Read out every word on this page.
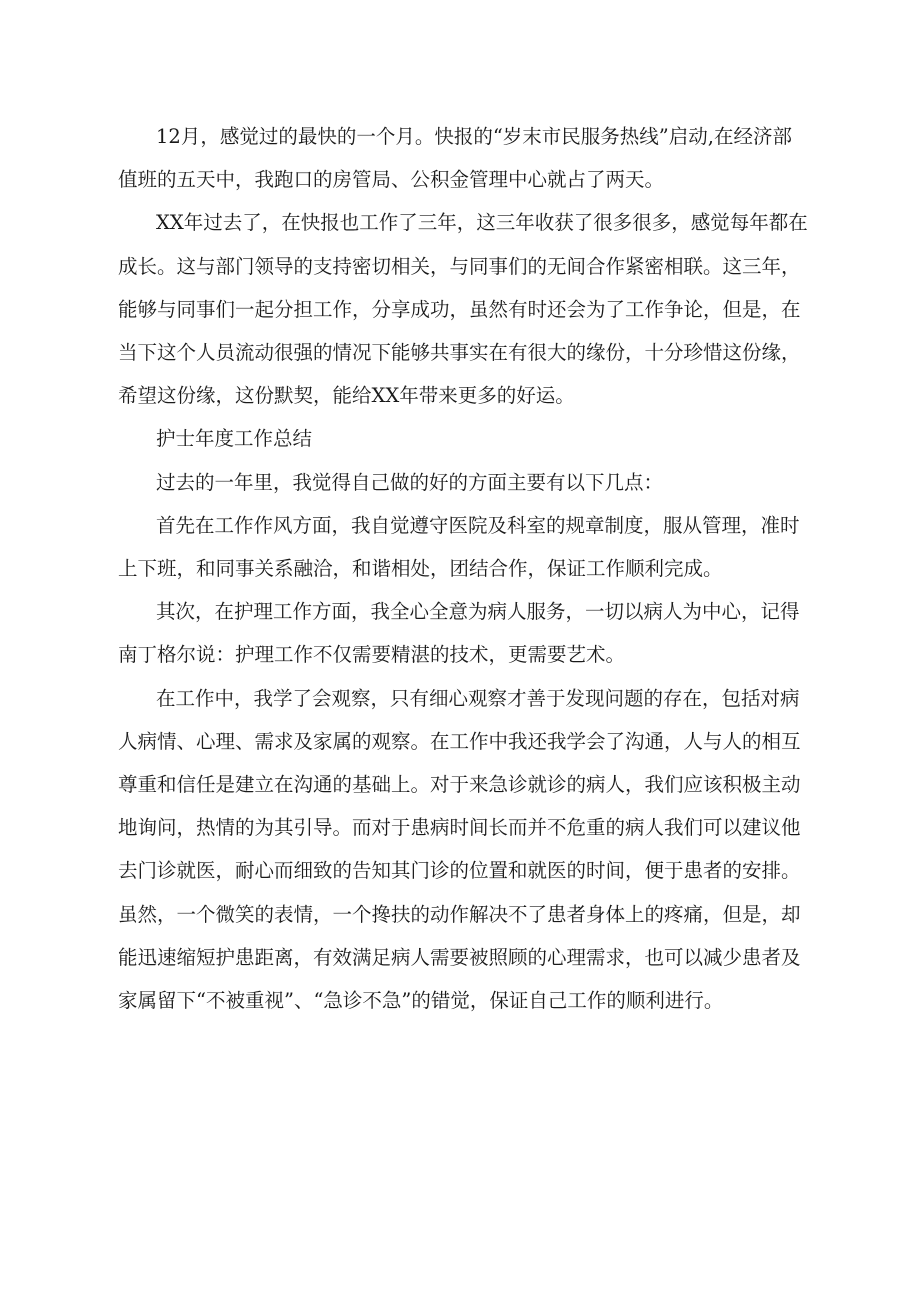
12月，感觉过的最快的一个月。快报的“岁末市民服务热线”启动,在经济部值班的五天中，我跑口的房管局、公积金管理中心就占了两天。

XX年过去了，在快报也工作了三年，这三年收获了很多很多，感觉每年都在成长。这与部门领导的支持密切相关，与同事们的无间合作紧密相联。这三年，能够与同事们一起分担工作，分享成功，虽然有时还会为了工作争论，但是，在当下这个人员流动很强的情况下能够共事实在有很大的缘份，十分珍惜这份缘，希望这份缘，这份默契，能给XX年带来更多的好运。

护士年度工作总结

过去的一年里，我觉得自己做的好的方面主要有以下几点：

首先在工作作风方面，我自觉遵守医院及科室的规章制度，服从管理，准时上下班，和同事关系融洽，和谐相处，团结合作，保证工作顺利完成。

其次，在护理工作方面，我全心全意为病人服务，一切以病人为中心，记得南丁格尔说：护理工作不仅需要精湛的技术，更需要艺术。

在工作中，我学了会观察，只有细心观察才善于发现问题的存在，包括对病人病情、心理、需求及家属的观察。在工作中我还我学会了沟通，人与人的相互尊重和信任是建立在沟通的基础上。对于来急诊就诊的病人，我们应该积极主动地询问，热情的为其引导。而对于患病时间长而并不危重的病人我们可以建议他去门诊就医，耐心而细致的告知其门诊的位置和就医的时间，便于患者的安排。虽然，一个微笑的表情，一个搀扶的动作解决不了患者身体上的疼痛，但是，却能迅速缩短护患距离，有效满足病人需要被照顾的心理需求，也可以减少患者及家属留下“不被重视”、“急诊不急”的错觉，保证自己工作的顺利进行。
